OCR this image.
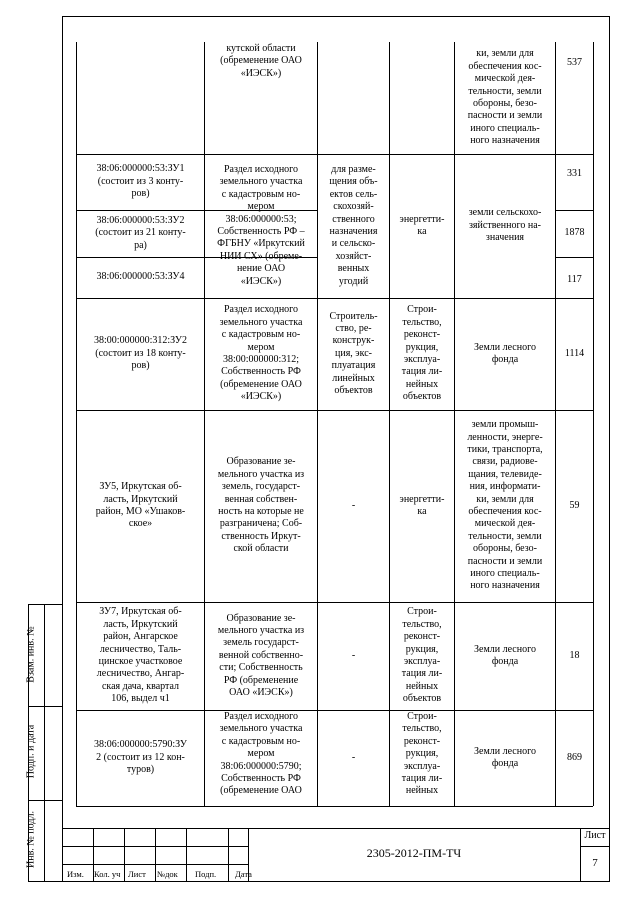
Взам. инв. №
Подп. и дата
Инв. № подл.
кутской области
(обременение ОАО
«ИЭСК»)
ки, земли для
обеспечения кос-
мической дея-
тельности, земли
обороны, безо-
пасности и земли
иного специаль-
ного назначения
537
38:06:000000:53:ЗУ1
(состоит из 3 конту-
ров)
38:06:000000:53:ЗУ2
(состоит из 21 конту-
ра)
38:06:000000:53:ЗУ4
Раздел исходного
земельного участка
с кадастровым но-
мером
38:06:000000:53;
Собственность РФ –
ФГБНУ «Иркутский
НИИ СХ» (обреме-
нение ОАО
«ИЭСК»)
для разме-
щения объ-
ектов сель-
скохозяй-
ственного
назначения
и сельско-
хозяйст-
венных
угодий
энергетти-
ка
земли сельскохо-
зяйственного на-
значения
331
1878
117
38:00:000000:312:ЗУ2
(состоит из 18 конту-
ров)
Раздел исходного
земельного участка
с кадастровым но-
мером
38:00:000000:312;
Собственность РФ
(обременение ОАО
«ИЭСК»)
Строитель-
ство, ре-
конструк-
ция, экс-
плуатация
линейных
объектов
Строи-
тельство,
реконст-
рукция,
эксплуа-
тация ли-
нейных
объектов
Земли лесного
фонда
1114
ЗУ5, Иркутская об-
ласть, Иркутский
район, МО «Ушаков-
ское»
Образование зе-
мельного участка из
земель, государст-
венная собствен-
ность на которые не
разграничена; Соб-
ственность Иркут-
ской области
-
энергетти-
ка
земли промыш-
ленности, энерге-
тики, транспорта,
связи, радиове-
щания, телевиде-
ния, информати-
ки, земли для
обеспечения кос-
мической дея-
тельности, земли
обороны, безо-
пасности и земли
иного специаль-
ного назначения
59
ЗУ7, Иркутская об-
ласть, Иркутский
район, Ангарское
лесничество, Таль-
цинское участковое
лесничество, Ангар-
ская дача, квартал
106, выдел ч1
Образование зе-
мельного участка из
земель государст-
венной собственно-
сти; Собственность
РФ (обременение
ОАО «ИЭСК»)
-
Строи-
тельство,
реконст-
рукция,
эксплуа-
тация ли-
нейных
объектов
Земли лесного
фонда
18
38:06:000000:5790:ЗУ
2 (состоит из 12 кон-
туров)
Раздел исходного
земельного участка
с кадастровым но-
мером
38:06:000000:5790;
Собственность РФ
(обременение ОАО
-
Строи-
тельство,
реконст-
рукция,
эксплуа-
тация ли-
нейных
Земли лесного
фонда
869
Изм. Кол. уч Лист №док Подп. Дата
2305-2012-ПМ-ТЧ
Лист
7
